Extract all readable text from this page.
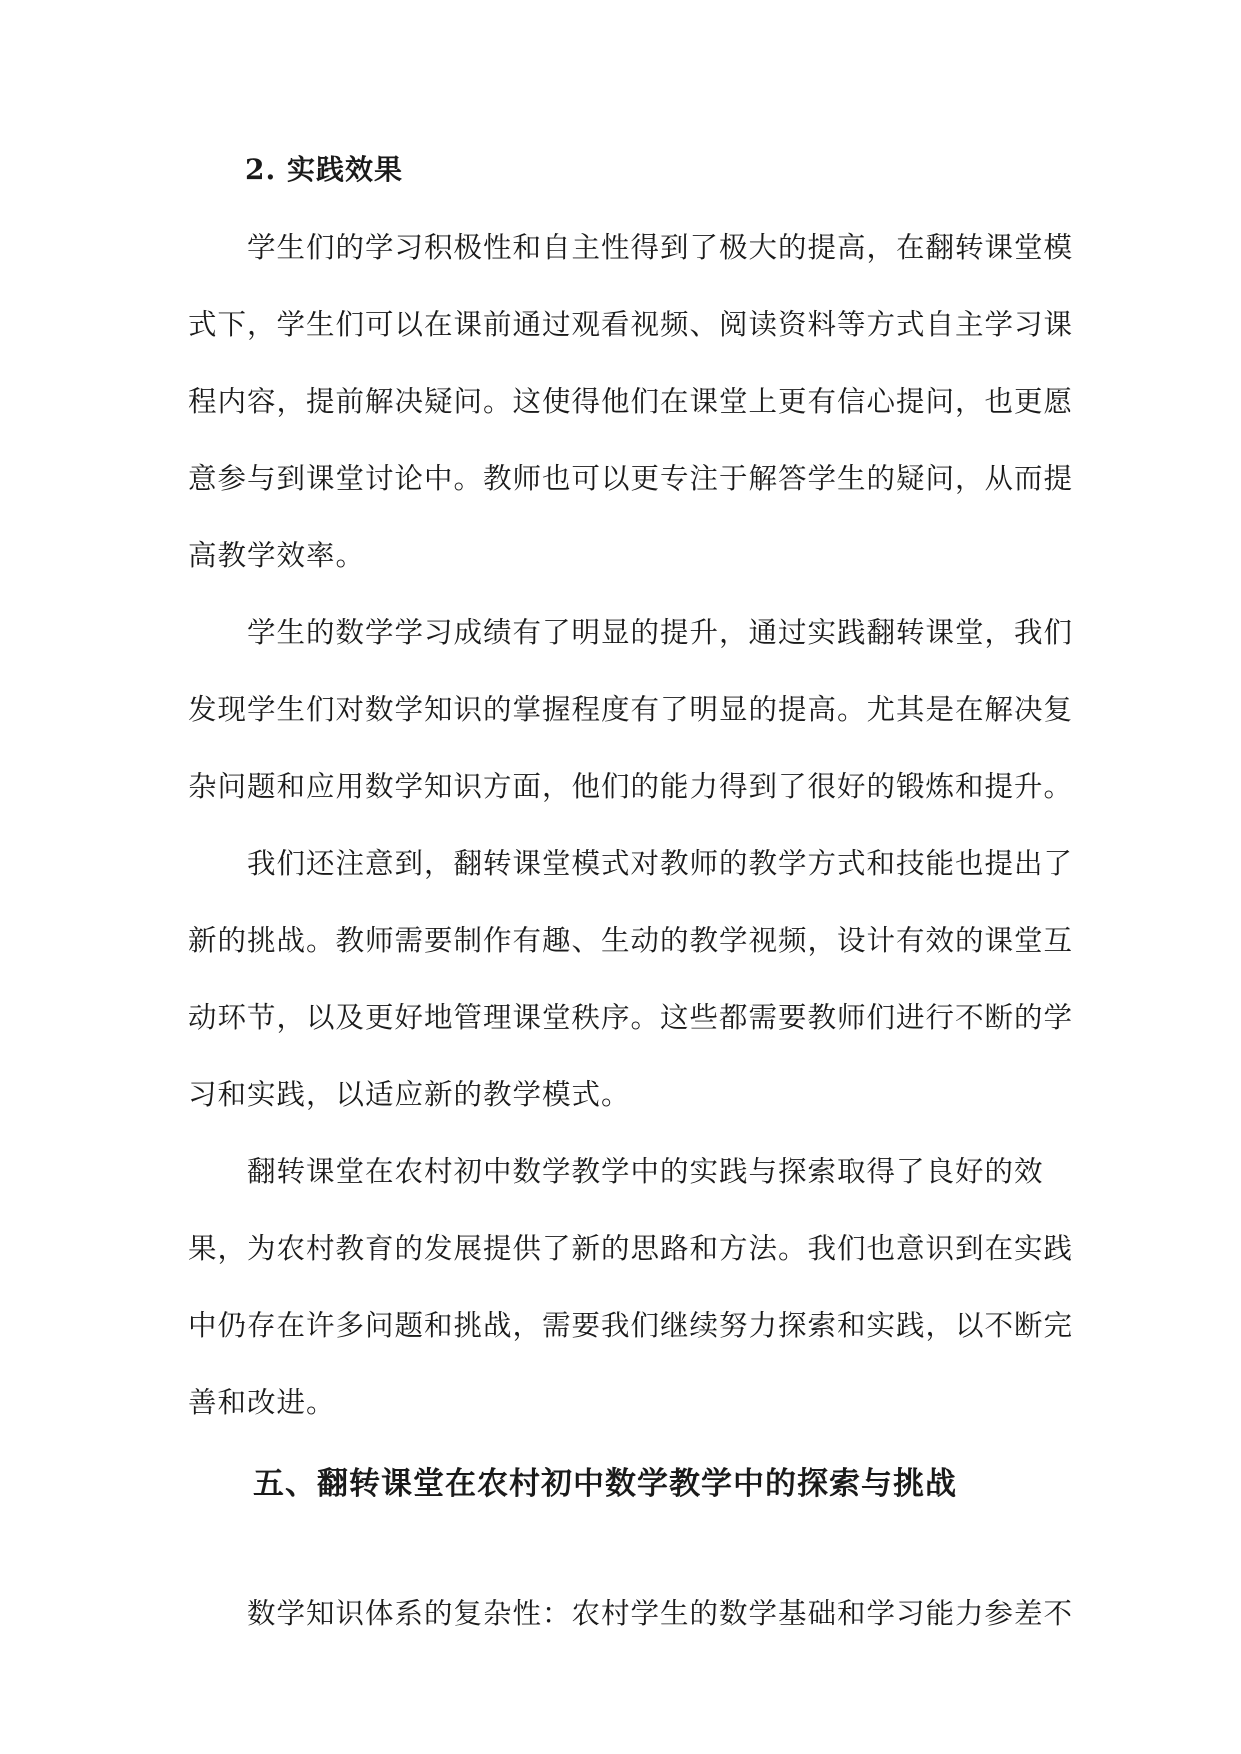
2. 实践效果
学生们的学习积极性和自主性得到了极大的提高，在翻转课堂模
式下，学生们可以在课前通过观看视频、阅读资料等方式自主学习课
程内容，提前解决疑问。这使得他们在课堂上更有信心提问，也更愿
意参与到课堂讨论中。教师也可以更专注于解答学生的疑问，从而提
高教学效率。
学生的数学学习成绩有了明显的提升，通过实践翻转课堂，我们
发现学生们对数学知识的掌握程度有了明显的提高。尤其是在解决复
杂问题和应用数学知识方面，他们的能力得到了很好的锻炼和提升。
我们还注意到，翻转课堂模式对教师的教学方式和技能也提出了
新的挑战。教师需要制作有趣、生动的教学视频，设计有效的课堂互
动环节，以及更好地管理课堂秩序。这些都需要教师们进行不断的学
习和实践，以适应新的教学模式。
翻转课堂在农村初中数学教学中的实践与探索取得了良好的效
果，为农村教育的发展提供了新的思路和方法。我们也意识到在实践
中仍存在许多问题和挑战，需要我们继续努力探索和实践，以不断完
善和改进。
五、翻转课堂在农村初中数学教学中的探索与挑战
数学知识体系的复杂性：农村学生的数学基础和学习能力参差不
